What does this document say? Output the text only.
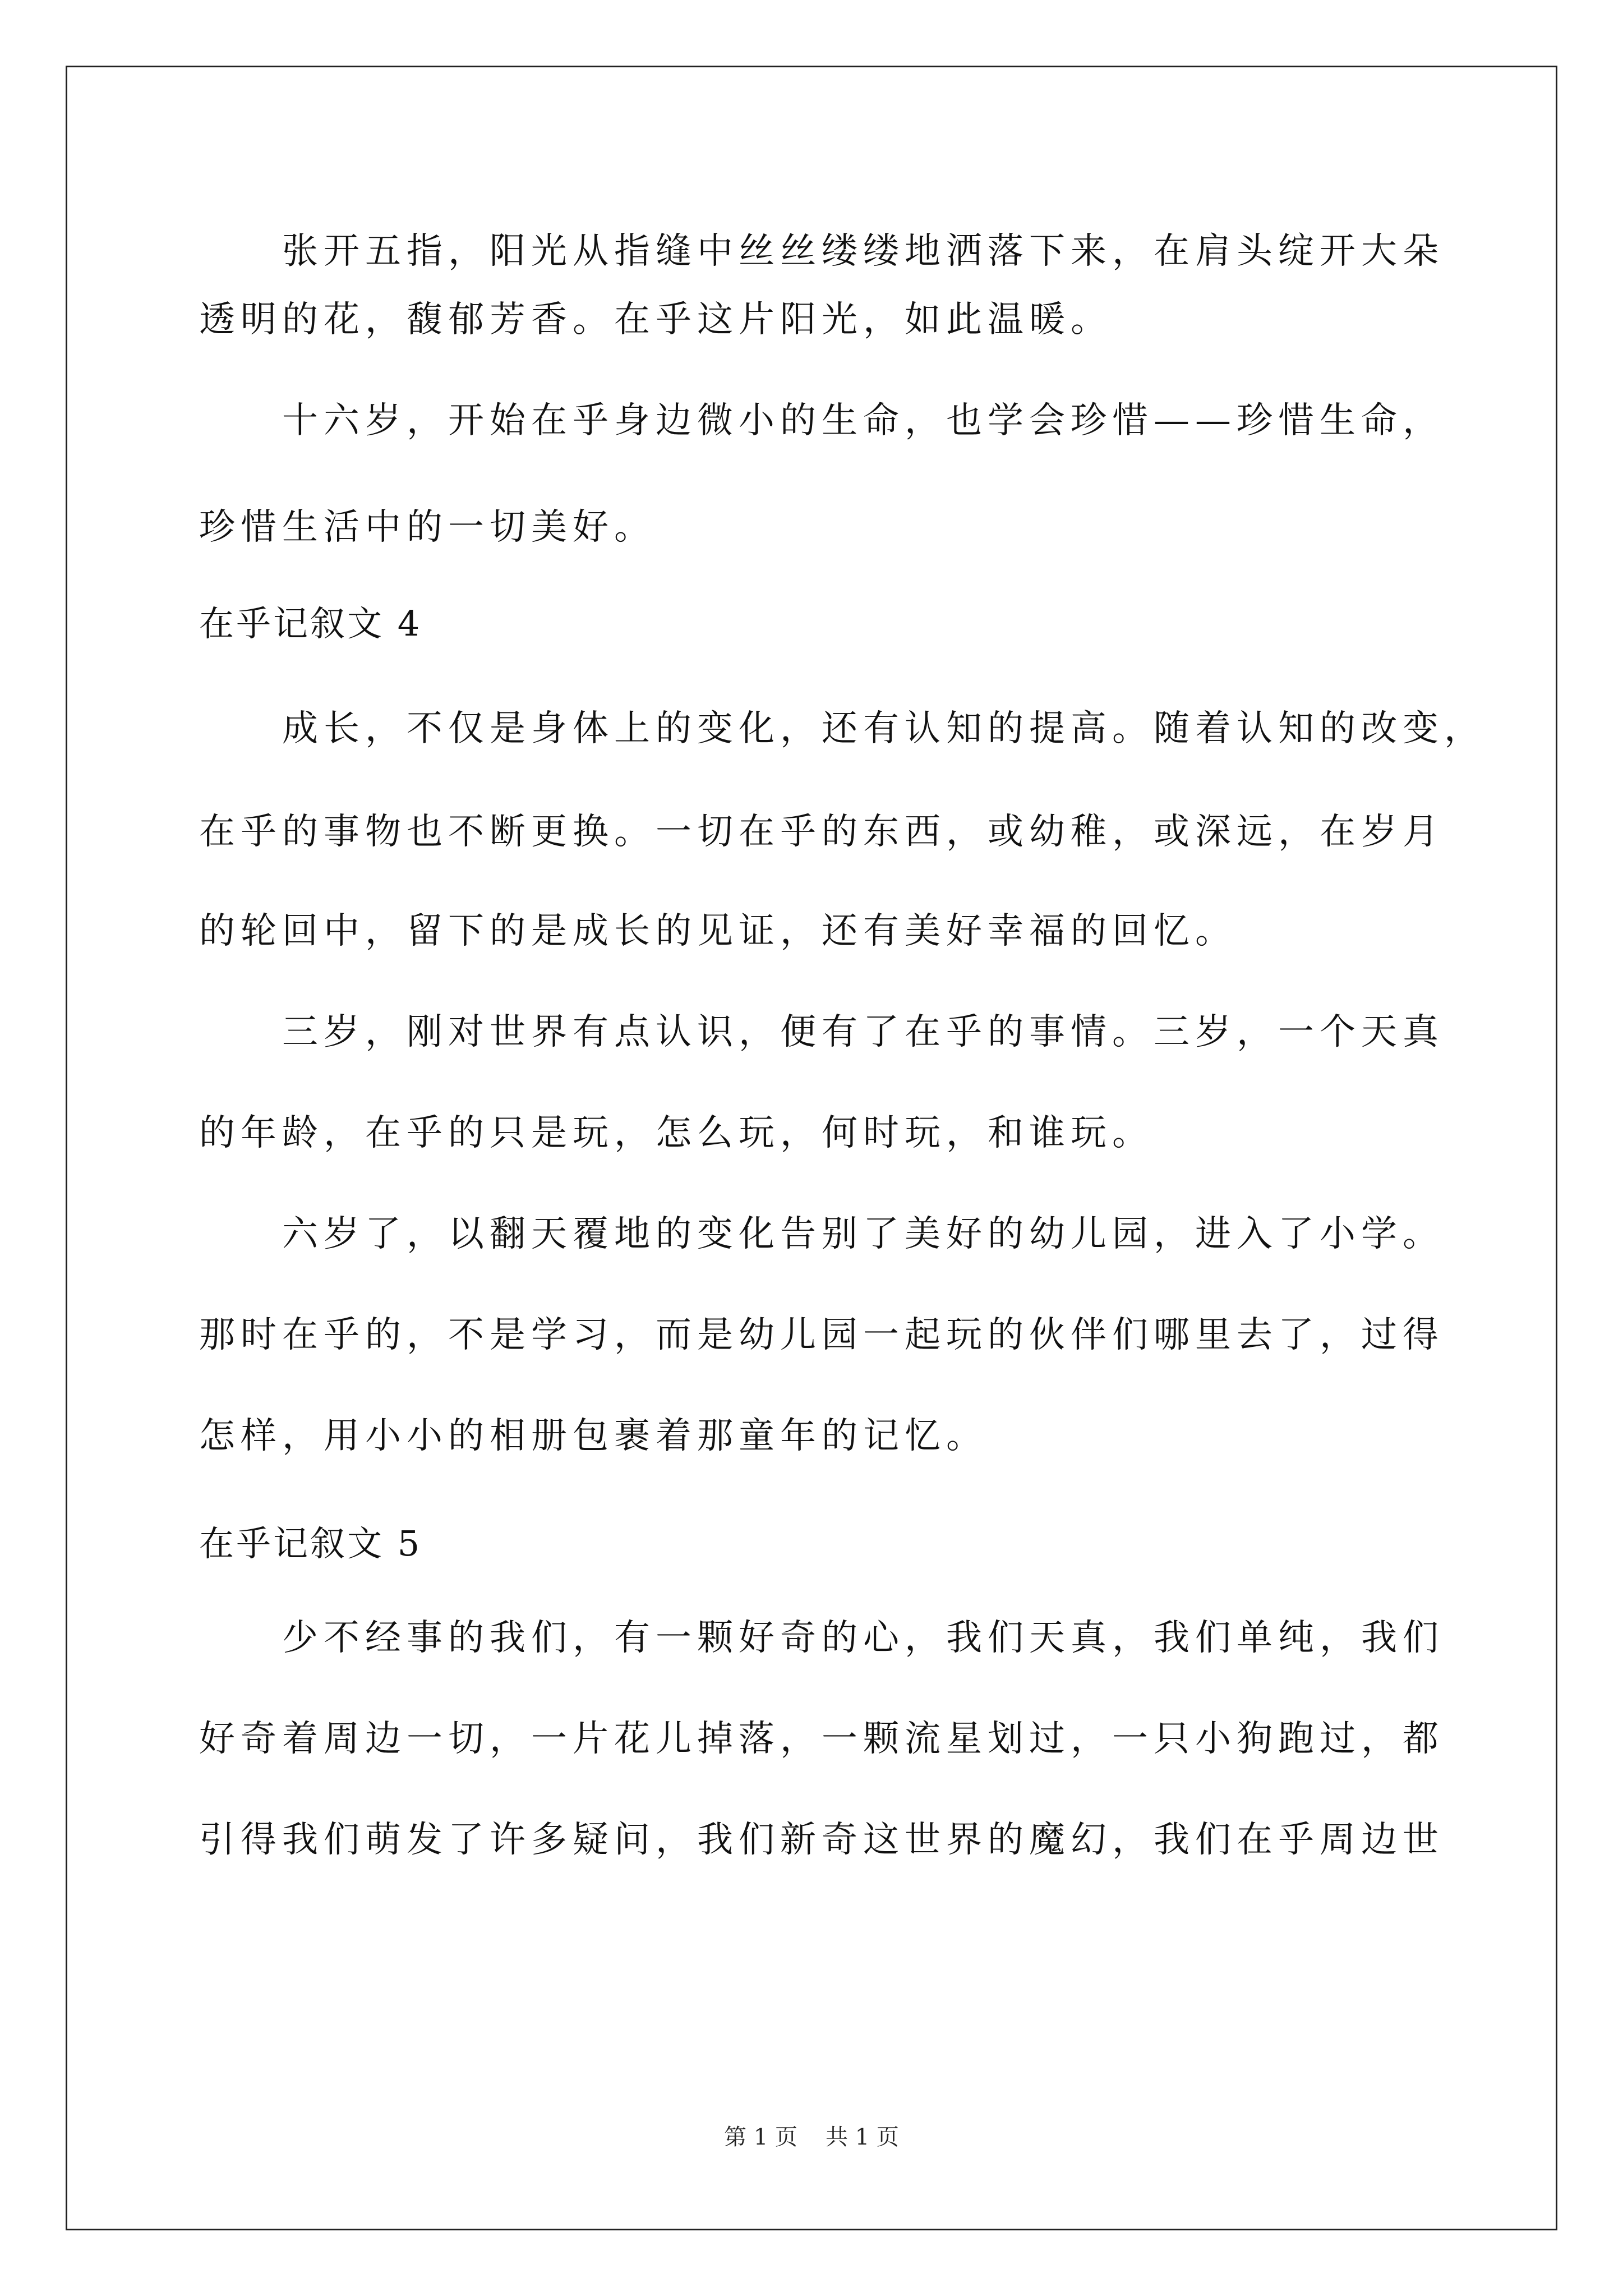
　　张开五指，阳光从指缝中丝丝缕缕地洒落下来，在肩头绽开大朵
透明的花，馥郁芳香。在乎这片阳光，如此温暖。
　　十六岁，开始在乎身边微小的生命，也学会珍惜——珍惜生命，
珍惜生活中的一切美好。
在乎记叙文 4
　　成长，不仅是身体上的变化，还有认知的提高。随着认知的改变，
在乎的事物也不断更换。一切在乎的东西，或幼稚，或深远，在岁月
的轮回中，留下的是成长的见证，还有美好幸福的回忆。
　　三岁，刚对世界有点认识，便有了在乎的事情。三岁，一个天真
的年龄，在乎的只是玩，怎么玩，何时玩，和谁玩。
　　六岁了，以翻天覆地的变化告别了美好的幼儿园，进入了小学。
那时在乎的，不是学习，而是幼儿园一起玩的伙伴们哪里去了，过得
怎样，用小小的相册包裹着那童年的记忆。
在乎记叙文 5
　　少不经事的我们，有一颗好奇的心，我们天真，我们单纯，我们
好奇着周边一切，一片花儿掉落，一颗流星划过，一只小狗跑过，都
引得我们萌发了许多疑问，我们新奇这世界的魔幻，我们在乎周边世
第 1 页 共 1 页
